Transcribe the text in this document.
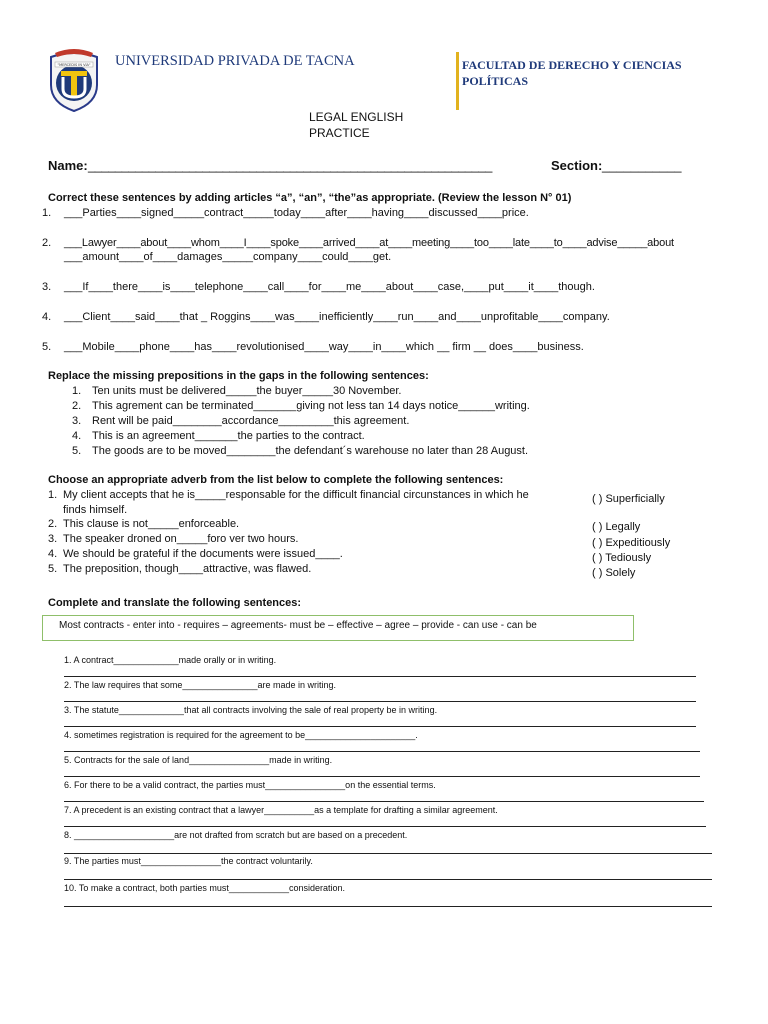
"MERCEDIS IN VIA" UNIVERSIDAD PRIVADA DE TACNA	FACULTAD DE DERECHO Y CIENCIAS
POLÍTICAS
LEGAL ENGLISH
PRACTICE
Name: ____________________________________________________________	Section: ___________
Correct these sentences by adding articles “a”, “an”, “the”as appropriate. (Review the lesson N° 01)
1. ___Parties____signed_____contract_____today____after____having____discussed____price.
2. ___Lawyer____about____whom____I____spoke____arrived____at____meeting____too____late____to____advise_____about
___amount____of____damages_____company____could____get.
3. ___If____there____is____telephone____call____for____me____about____case,____put____it____though.
4. ___Client____said____that _ Roggins____was____inefficiently____run____and____unprofitable____company.
5. ___Mobile____phone____has____revolutionised____way____in____which __ firm __ does____business.
Replace the missing prepositions in the gaps in the following sentences:
1. Ten units must be delivered_____the buyer_____30 November.
2. This agrement can be terminated_______giving not less tan 14 days notice______writing.
3. Rent will be paid________accordance_________this agreement.
4. This is an agreement_______the parties to the contract.
5. The goods are to be moved________the defendant´s warehouse no later than 28 August.
Choose an appropriate adverb from the list below to complete the following sentences:
1. My client accepts that he is_____responsable for the difficult financial circunstances in which he
finds himself.
2. This clause is not_____enforceable.
3. The speaker droned on_____foro ver two hours.
4. We should be grateful if the documents were issued____.
5. The preposition, though____attractive, was flawed.
( ) Superficially
( ) Legally
( ) Expeditiously
( ) Tediously
( ) Solely
Complete and translate the following sentences:
Most contracts - enter into - requires – agreements- must be – effective – agree – provide - can use - can be
1. A contract_____________made orally or in writing.
2. The law requires that some_______________are made in writing.
3. The statute_____________that all contracts involving the sale of real property be in writing.
4. sometimes registration is required for the agreement to be______________________.
5. Contracts for the sale of land________________made in writing.
6. For there to be a valid contract, the parties must________________on the essential terms.
7. A precedent is an existing contract that a lawyer__________as a template for drafting a similar agreement.
8. ____________________are not drafted from scratch but are based on a precedent.
9. The parties must________________the contract voluntarily.
10. To make a contract, both parties must____________consideration.
